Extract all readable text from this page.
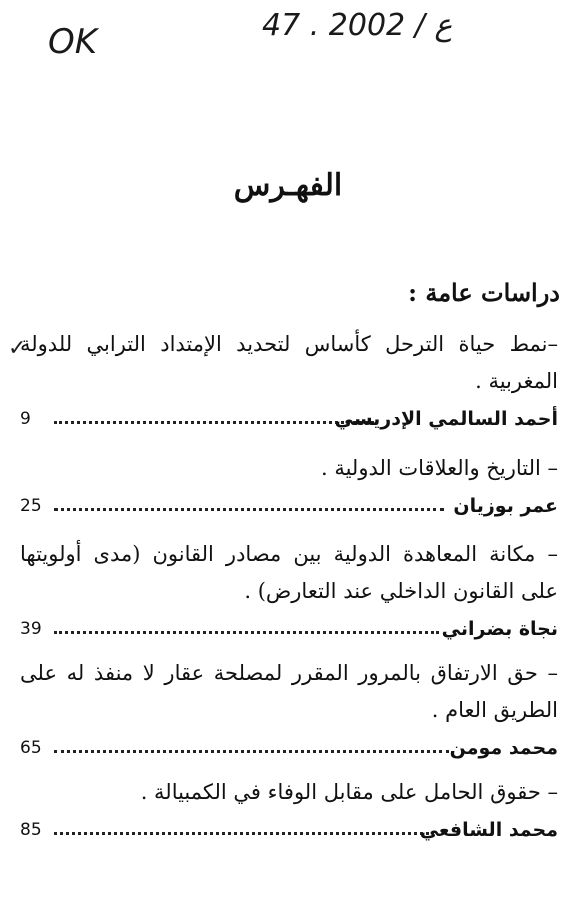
OK	47 . ع / 2002
الفهـرس
دراسات عامة :
✓

–نمط حياة الترحل كأساس لتحديد الإمتداد الترابي للدولة المغربية .

9	أحمد السالمي الإدريسي

– التاريخ والعلاقات الدولية .

25	عمر بوزيان

– مكانة المعاهدة الدولية بين مصادر القانون (مدى أولويتها على القانون الداخلي عند التعارض) .

39	نجاة بضراني

– حق الارتفاق بالمرور المقرر لمصلحة عقار لا منفذ له على الطريق العام .

65	محمد مومن

– حقوق الحامل على مقابل الوفاء في الكمبيالة .

85	محمد الشافعي
